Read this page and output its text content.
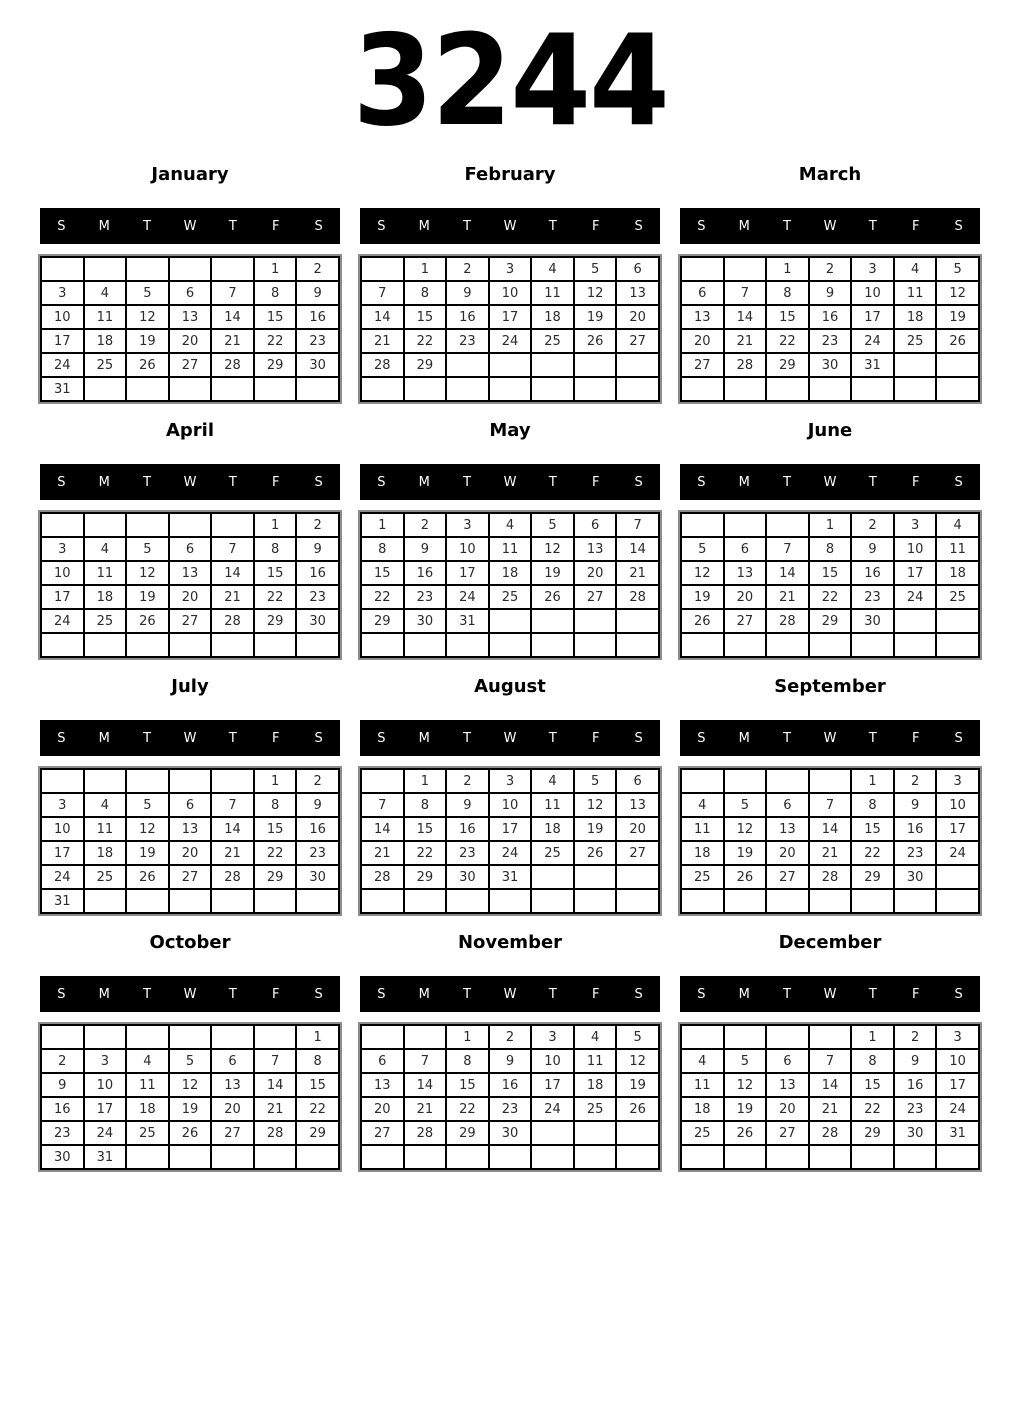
3244
January
S	M	T	W	T	F	S
					1	2
3	4	5	6	7	8	9
10	11	12	13	14	15	16
17	18	19	20	21	22	23
24	25	26	27	28	29	30
31						
February
S	M	T	W	T	F	S
	1	2	3	4	5	6
7	8	9	10	11	12	13
14	15	16	17	18	19	20
21	22	23	24	25	26	27
28	29					

March
S	M	T	W	T	F	S
		1	2	3	4	5
6	7	8	9	10	11	12
13	14	15	16	17	18	19
20	21	22	23	24	25	26
27	28	29	30	31		

April
S	M	T	W	T	F	S
					1	2
3	4	5	6	7	8	9
10	11	12	13	14	15	16
17	18	19	20	21	22	23
24	25	26	27	28	29	30

May
S	M	T	W	T	F	S
1	2	3	4	5	6	7
8	9	10	11	12	13	14
15	16	17	18	19	20	21
22	23	24	25	26	27	28
29	30	31				

June
S	M	T	W	T	F	S
			1	2	3	4
5	6	7	8	9	10	11
12	13	14	15	16	17	18
19	20	21	22	23	24	25
26	27	28	29	30		

July
S	M	T	W	T	F	S
					1	2
3	4	5	6	7	8	9
10	11	12	13	14	15	16
17	18	19	20	21	22	23
24	25	26	27	28	29	30
31						
August
S	M	T	W	T	F	S
	1	2	3	4	5	6
7	8	9	10	11	12	13
14	15	16	17	18	19	20
21	22	23	24	25	26	27
28	29	30	31			

September
S	M	T	W	T	F	S
				1	2	3
4	5	6	7	8	9	10
11	12	13	14	15	16	17
18	19	20	21	22	23	24
25	26	27	28	29	30	

October
S	M	T	W	T	F	S
						1
2	3	4	5	6	7	8
9	10	11	12	13	14	15
16	17	18	19	20	21	22
23	24	25	26	27	28	29
30	31					
November
S	M	T	W	T	F	S
		1	2	3	4	5
6	7	8	9	10	11	12
13	14	15	16	17	18	19
20	21	22	23	24	25	26
27	28	29	30			

December
S	M	T	W	T	F	S
				1	2	3
4	5	6	7	8	9	10
11	12	13	14	15	16	17
18	19	20	21	22	23	24
25	26	27	28	29	30	31
